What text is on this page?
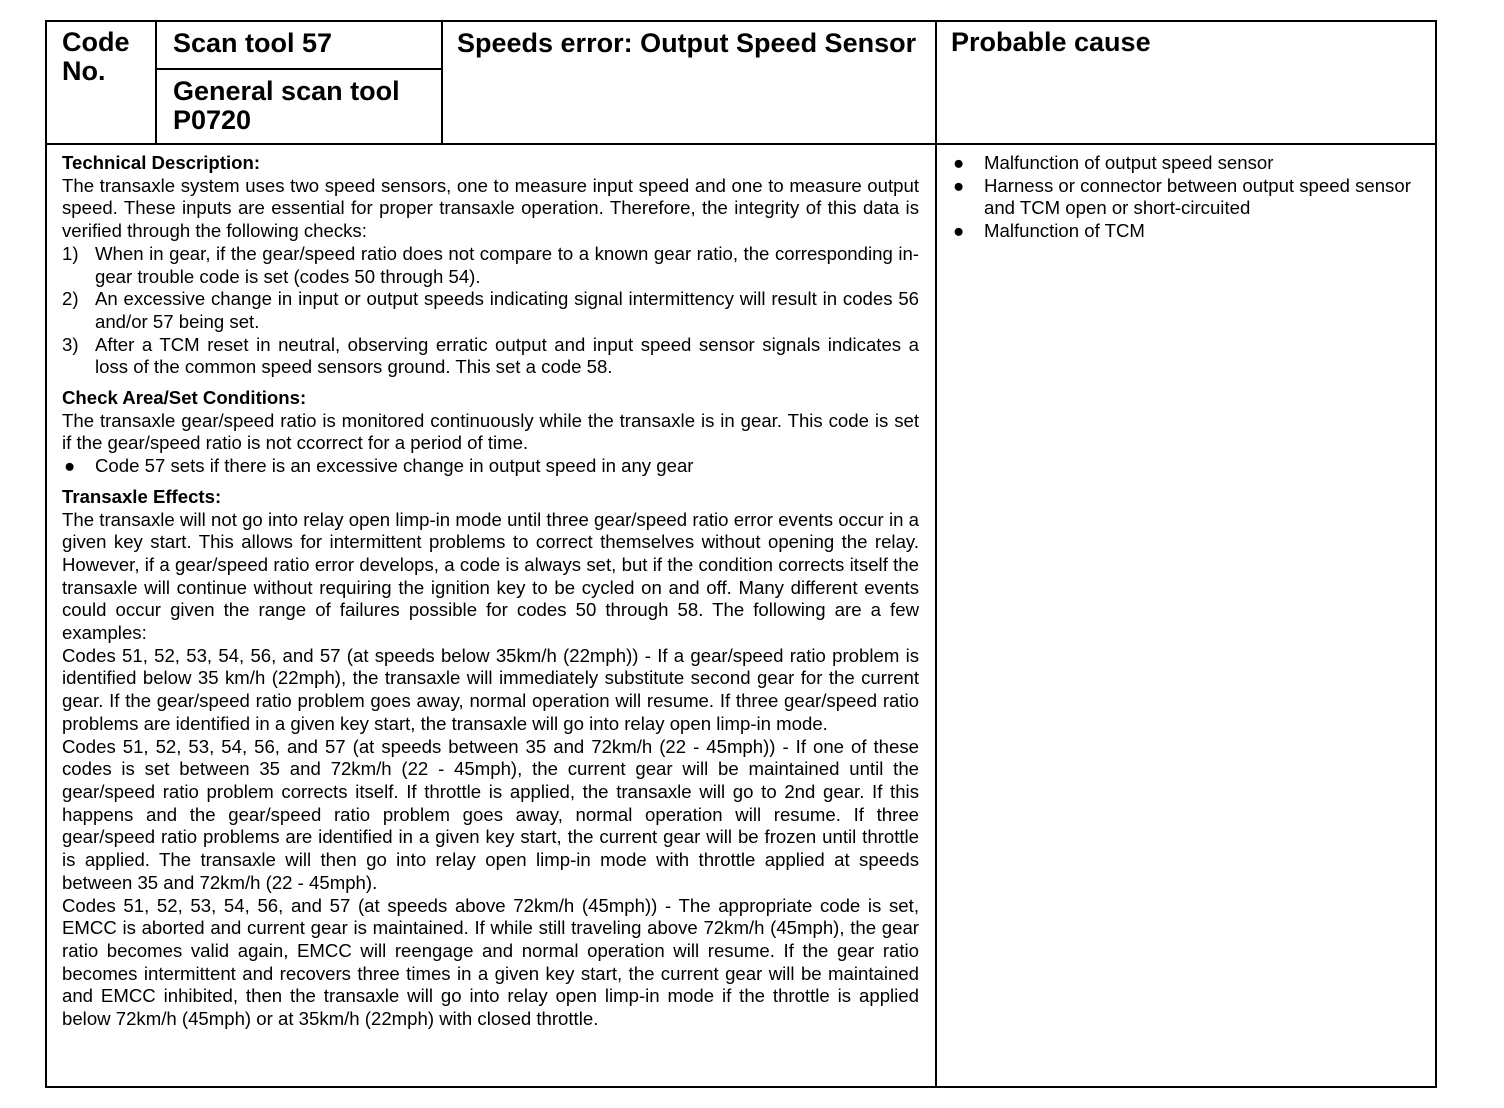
Code No.
Scan tool 57
General scan tool P0720
Speeds error: Output Speed Sensor	Probable cause

Technical Description:

The transaxle system uses two speed sensors, one to measure input speed and one to measure output speed. These inputs are essential for proper transaxle operation. Therefore, the integrity of this data is verified through the following checks:

1) When in gear, if the gear/speed ratio does not compare to a known gear ratio, the corresponding in-gear trouble code is set (codes 50 through 54).

2) An excessive change in input or output speeds indicating signal intermittency will result in codes 56 and/or 57 being set.

3) After a TCM reset in neutral, observing erratic output and input speed sensor signals indicates a loss of the common speed sensors ground. This set a code 58.

Check Area/Set Conditions:

The transaxle gear/speed ratio is monitored continuously while the transaxle is in gear. This code is set if the gear/speed ratio is not ccorrect for a period of time.

● Code 57 sets if there is an excessive change in output speed in any gear

Transaxle Effects:

The transaxle will not go into relay open limp-in mode until three gear/speed ratio error events occur in a given key start. This allows for intermittent problems to correct themselves without opening the relay. However, if a gear/speed ratio error develops, a code is always set, but if the condition corrects itself the transaxle will continue without requiring the ignition key to be cycled on and off. Many different events could occur given the range of failures possible for codes 50 through 58. The following are a few examples:

Codes 51, 52, 53, 54, 56, and 57 (at speeds below 35km/h (22mph)) - If a gear/speed ratio problem is identified below 35 km/h (22mph), the transaxle will immediately substitute second gear for the current gear. If the gear/speed ratio problem goes away, normal operation will resume. If three gear/speed ratio problems are identified in a given key start, the transaxle will go into relay open limp-in mode.

Codes 51, 52, 53, 54, 56, and 57 (at speeds between 35 and 72km/h (22 - 45mph)) - If one of these codes is set between 35 and 72km/h (22 - 45mph), the current gear will be maintained until the gear/speed ratio problem corrects itself. If throttle is applied, the transaxle will go to 2nd gear. If this happens and the gear/speed ratio problem goes away, normal operation will resume. If three gear/speed ratio problems are identified in a given key start, the current gear will be frozen until throttle is applied. The transaxle will then go into relay open limp-in mode with throttle applied at speeds between 35 and 72km/h (22 - 45mph).

Codes 51, 52, 53, 54, 56, and 57 (at speeds above 72km/h (45mph)) - The appropriate code is set, EMCC is aborted and current gear is maintained. If while still traveling above 72km/h (45mph), the gear ratio becomes valid again, EMCC will reengage and normal operation will resume. If the gear ratio becomes intermittent and recovers three times in a given key start, the current gear will be maintained and EMCC inhibited, then the transaxle will go into relay open limp-in mode if the throttle is applied below 72km/h (45mph) or at 35km/h (22mph) with closed throttle.

● Malfunction of output speed sensor

● Harness or connector between output speed sensor and TCM open or short-circuited

● Malfunction of TCM
